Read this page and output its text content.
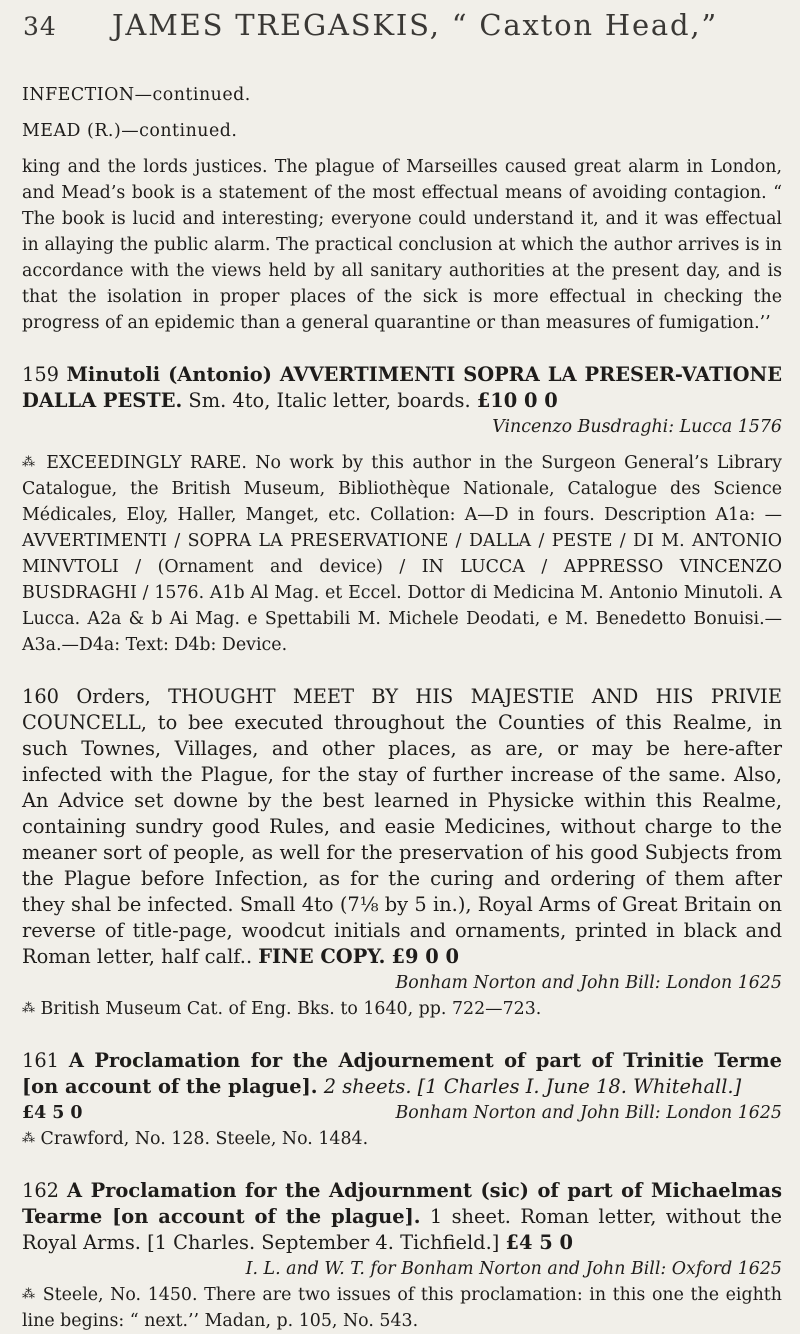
34	JAMES TREGASKIS, “ Caxton Head,”

INFECTION—continued.

MEAD (R.)—continued.

king and the lords justices. The plague of Marseilles caused great alarm in London, and Mead’s book is a statement of the most effectual means of avoiding contagion. “ The book is lucid and interesting; everyone could understand it, and it was effectual in allaying the public alarm. The practical conclusion at which the author arrives is in accordance with the views held by all sanitary authorities at the present day, and is that the isolation in proper places of the sick is more effectual in checking the progress of an epidemic than a general quarantine or than measures of fumigation.’’

159 Minutoli (Antonio) AVVERTIMENTI SOPRA LA PRESER-VATIONE DALLA PESTE. Sm. 4to, Italic letter, boards. £10 0 0

Vincenzo Busdraghi: Lucca 1576

⁂ EXCEEDINGLY RARE. No work by this author in the Surgeon General’s Library Catalogue, the British Museum, Bibliothèque Nationale, Catalogue des Science Médicales, Eloy, Haller, Manget, etc. Collation: A—D in fours. Description A1a: —AVVERTIMENTI / SOPRA LA PRESERVATIONE / DALLA / PESTE / DI M. ANTONIO MINVTOLI / (Ornament and device) / IN LUCCA / APPRESSO VINCENZO BUSDRAGHI / 1576. A1b Al Mag. et Eccel. Dottor di Medicina M. Antonio Minutoli. A Lucca. A2a & b Ai Mag. e Spettabili M. Michele Deodati, e M. Benedetto Bonuisi.—A3a.—D4a: Text: D4b: Device.

160 Orders, THOUGHT MEET BY HIS MAJESTIE AND HIS PRIVIE COUNCELL, to bee executed throughout the Counties of this Realme, in such Townes, Villages, and other places, as are, or may be here-after infected with the Plague, for the stay of further increase of the same. Also, An Advice set downe by the best learned in Physicke within this Realme, containing sundry good Rules, and easie Medicines, without charge to the meaner sort of people, as well for the preservation of his good Subjects from the Plague before Infection, as for the curing and ordering of them after they shal be infected. Small 4to (7⅛ by 5 in.), Royal Arms of Great Britain on reverse of title-page, woodcut initials and ornaments, printed in black and Roman letter, half calf.. FINE COPY. £9 0 0

Bonham Norton and John Bill: London 1625

⁂ British Museum Cat. of Eng. Bks. to 1640, pp. 722—723.

161 A Proclamation for the Adjournement of part of Trinitie Terme [on account of the plague]. 2 sheets. [1 Charles I. June 18. Whitehall.]

£4 5 0	Bonham Norton and John Bill: London 1625

⁂ Crawford, No. 128. Steele, No. 1484.

162 A Proclamation for the Adjournment (sic) of part of Michaelmas Tearme [on account of the plague]. 1 sheet. Roman letter, without the Royal Arms. [1 Charles. September 4. Tichfield.] £4 5 0

I. L. and W. T. for Bonham Norton and John Bill: Oxford 1625

⁂ Steele, No. 1450. There are two issues of this proclamation: in this one the eighth line begins: “ next.’’ Madan, p. 105, No. 543.
